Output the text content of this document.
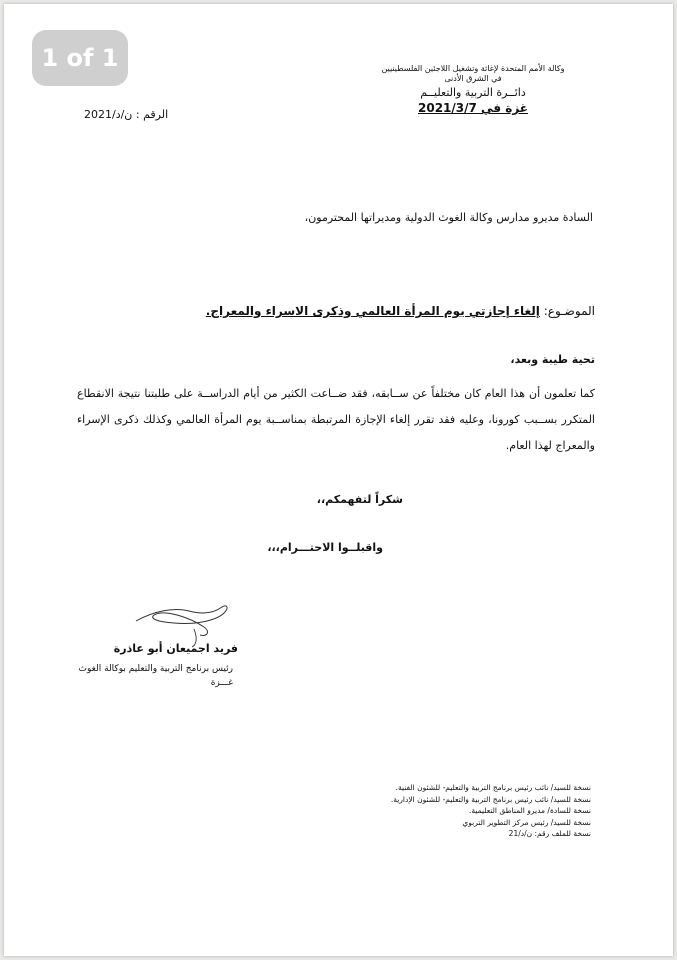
وكالة الأمم المتحدة لإغاثة وتشغيل اللاجئين الفلسطينيين
في الشرق الأدنى
دائــرة التربية والتعليــم
غزة في 2021/3/7
الرقم : ن/د/2021
السادة مديرو مدارس وكالة الغوث الدولية ومديراتها المحترمون،
الموضـوع: إلغاء إجازتي يوم المرأة العالمي وذكرى الاسراء والمعراج.
تحية طيبة وبعد،
كما تعلمون أن هذا العام كان مختلفاً عن ســابقه، فقد ضــاعت الكثير من أيام الدراســة على طلبتنا نتيجة الانقطاع المتكرر بســبب كورونا، وعليه فقد تقرر إلغاء الإجازة المرتبطة بمناســبة يوم المرأة العالمي وكذلك ذكرى الإسراء والمعراج لهذا العام.
شكراً لتفهمكم،،
واقبلــوا الاحتـــرام،،،
فريد اجميعان أبو عاذرة
رئيس برنامج التربية والتعليم بوكالة الغوث
غـــزة
نسخة للسيد/ نائب رئيس برنامج التربية والتعليم- للشئون الفنية.
نسخة للسيد/ نائب رئيس برنامج التربية والتعليم- للشئون الإدارية.
نسخة للسادة/ مديرو المناطق التعليمية.
نسخة للسيد/ رئيس مركز التطوير التربوي
نسخة للملف رقم: ن/د/21
1 of 1
